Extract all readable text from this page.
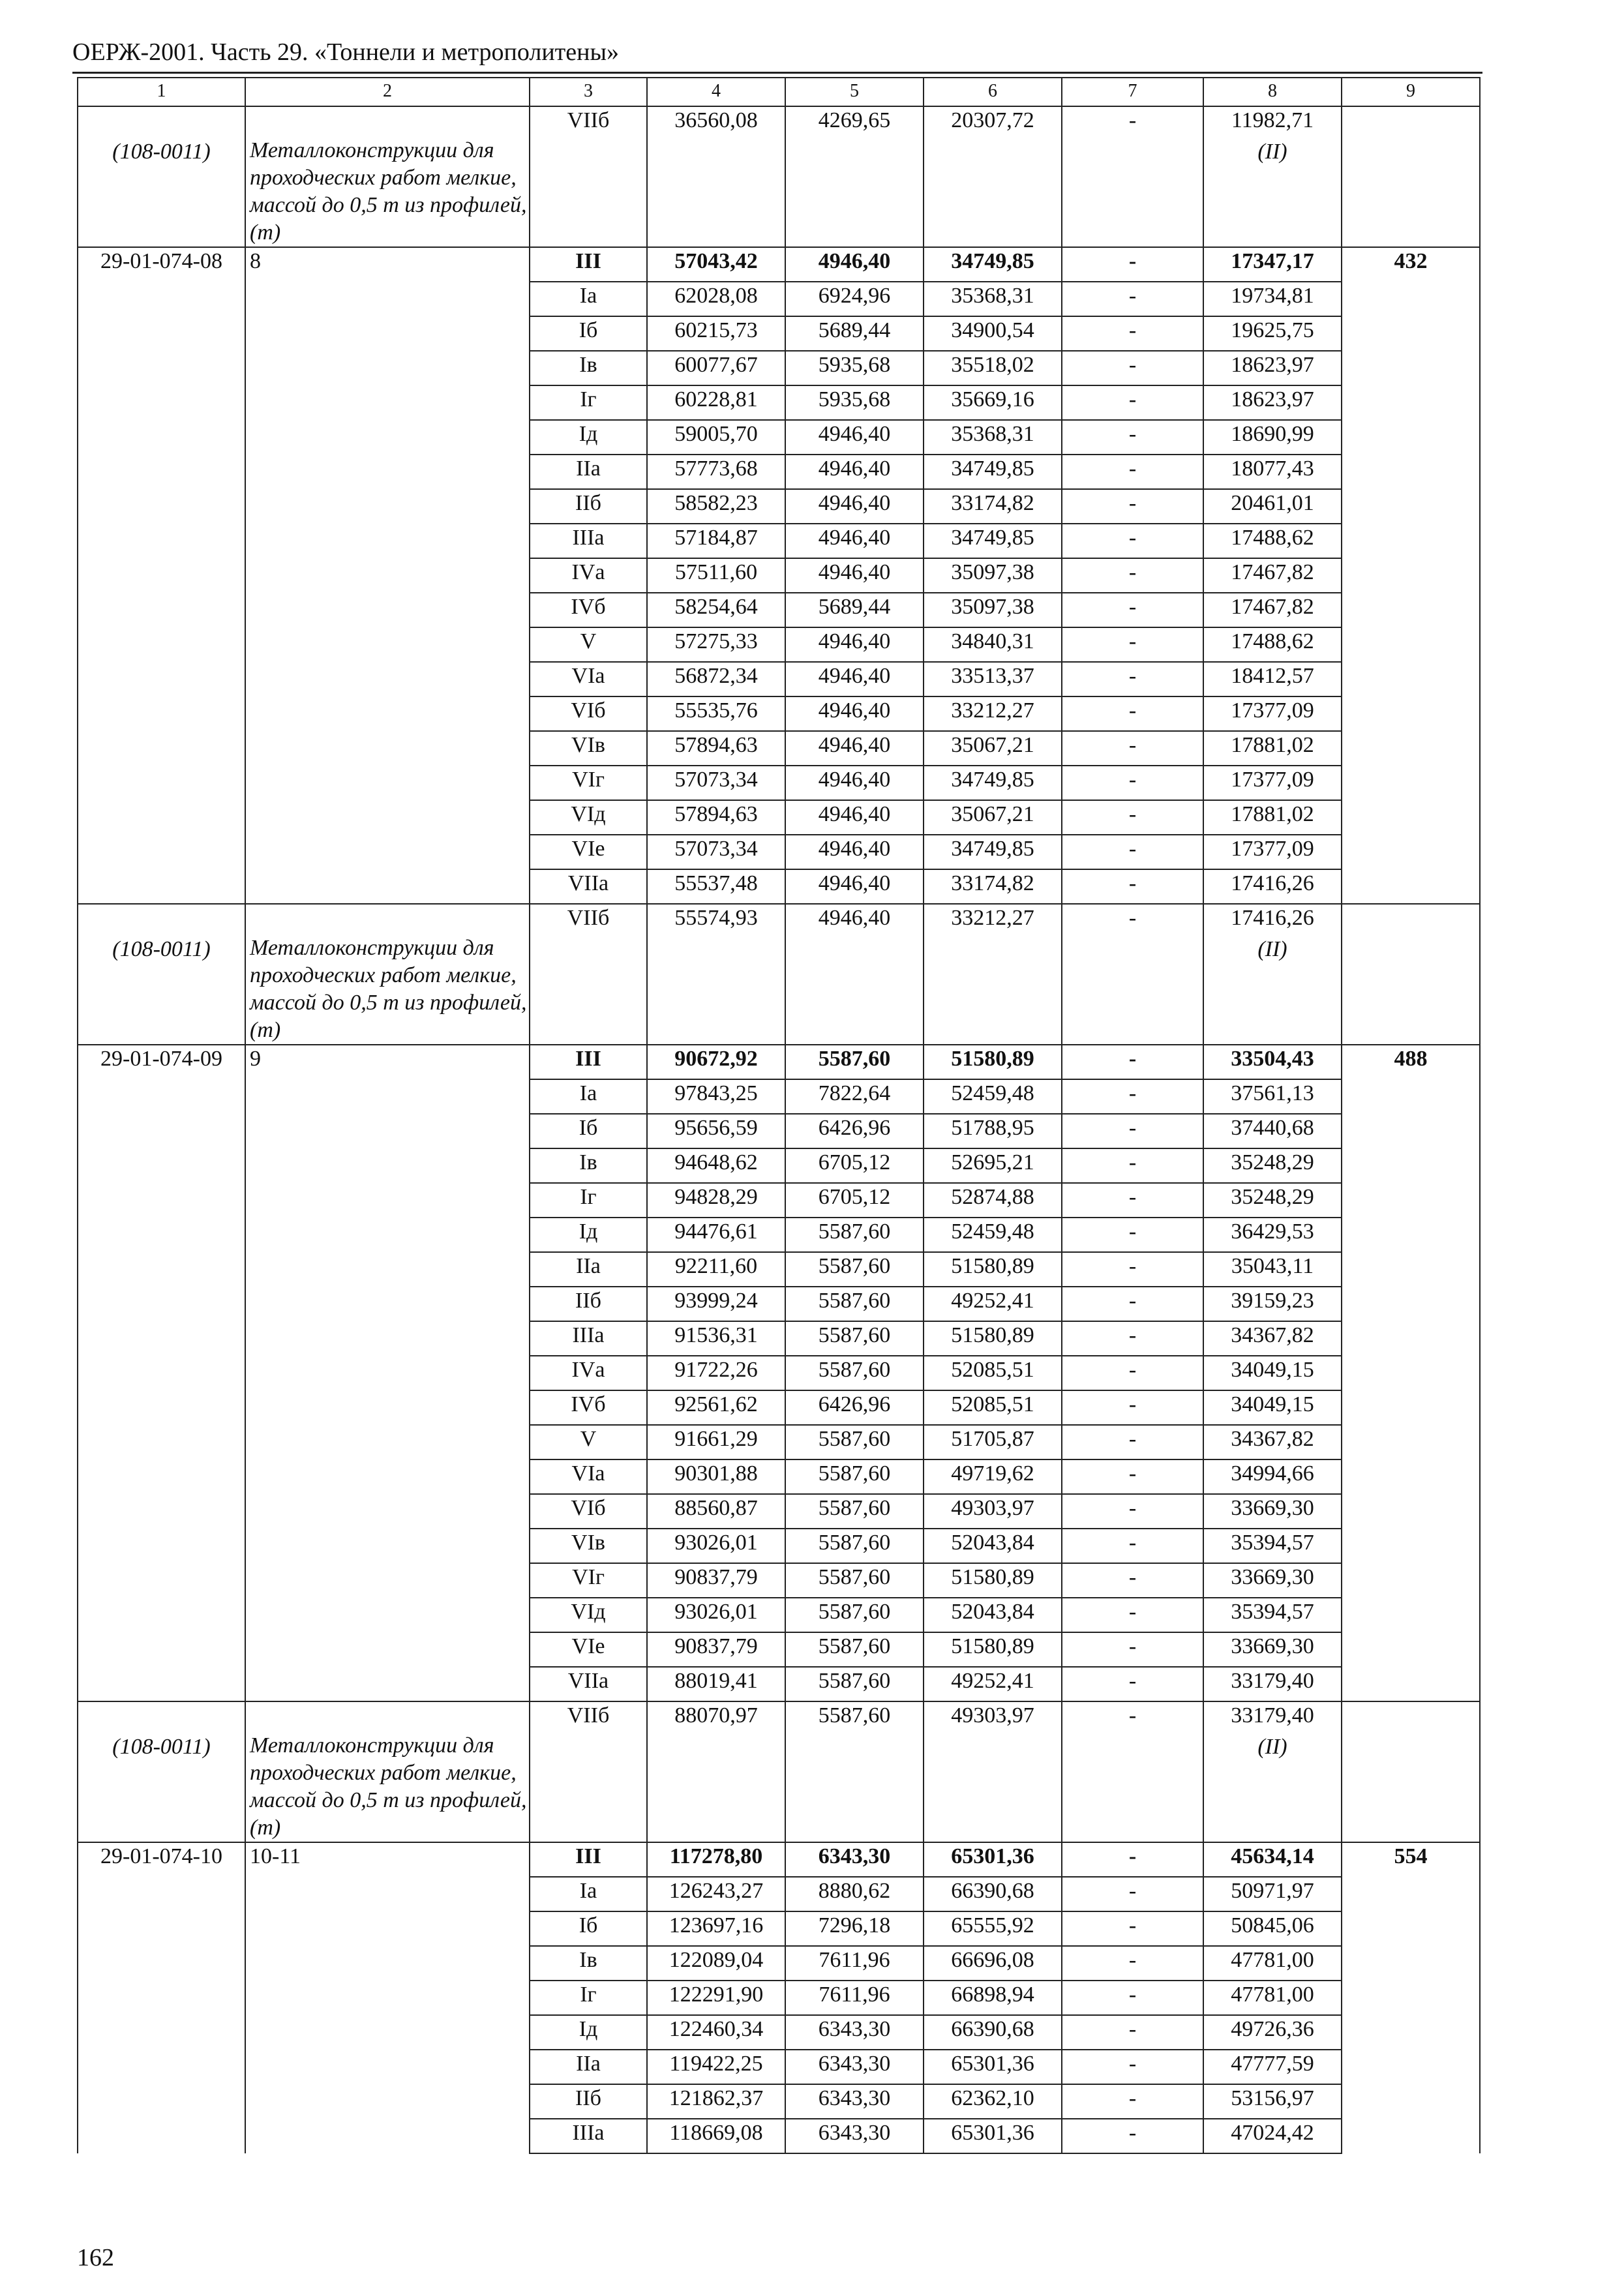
ОЕРЖ-2001. Часть 29. «Тоннели и метрополитены»
1	2	3	4	5	6	7	8	9

(108-0011)	Металлоконструкции для проходческих работ мелкие, массой до 0,5 т из профилей, (т)	VIIб	36560,08	4269,65	20307,72	-	11982,71
(II)	

29-01-074-08	8	III	57043,42	4946,40	34749,85	-	17347,17	432
		Iа	62028,08	6924,96	35368,31	-	19734,81	
		Iб	60215,73	5689,44	34900,54	-	19625,75	
		Iв	60077,67	5935,68	35518,02	-	18623,97	
		Iг	60228,81	5935,68	35669,16	-	18623,97	
		Iд	59005,70	4946,40	35368,31	-	18690,99	
		IIа	57773,68	4946,40	34749,85	-	18077,43	
		IIб	58582,23	4946,40	33174,82	-	20461,01	
		IIIа	57184,87	4946,40	34749,85	-	17488,62	
		IVа	57511,60	4946,40	35097,38	-	17467,82	
		IVб	58254,64	5689,44	35097,38	-	17467,82	
		V	57275,33	4946,40	34840,31	-	17488,62	
		VIа	56872,34	4946,40	33513,37	-	18412,57	
		VIб	55535,76	4946,40	33212,27	-	17377,09	
		VIв	57894,63	4946,40	35067,21	-	17881,02	
		VIг	57073,34	4946,40	34749,85	-	17377,09	
		VIд	57894,63	4946,40	35067,21	-	17881,02	
		VIе	57073,34	4946,40	34749,85	-	17377,09	
		VIIа	55537,48	4946,40	33174,82	-	17416,26	

(108-0011)	Металлоконструкции для проходческих работ мелкие, массой до 0,5 т из профилей, (т)	VIIб	55574,93	4946,40	33212,27	-	17416,26
(II)	

29-01-074-09	9	III	90672,92	5587,60	51580,89	-	33504,43	488
		Iа	97843,25	7822,64	52459,48	-	37561,13	
		Iб	95656,59	6426,96	51788,95	-	37440,68	
		Iв	94648,62	6705,12	52695,21	-	35248,29	
		Iг	94828,29	6705,12	52874,88	-	35248,29	
		Iд	94476,61	5587,60	52459,48	-	36429,53	
		IIа	92211,60	5587,60	51580,89	-	35043,11	
		IIб	93999,24	5587,60	49252,41	-	39159,23	
		IIIа	91536,31	5587,60	51580,89	-	34367,82	
		IVа	91722,26	5587,60	52085,51	-	34049,15	
		IVб	92561,62	6426,96	52085,51	-	34049,15	
		V	91661,29	5587,60	51705,87	-	34367,82	
		VIа	90301,88	5587,60	49719,62	-	34994,66	
		VIб	88560,87	5587,60	49303,97	-	33669,30	
		VIв	93026,01	5587,60	52043,84	-	35394,57	
		VIг	90837,79	5587,60	51580,89	-	33669,30	
		VIд	93026,01	5587,60	52043,84	-	35394,57	
		VIе	90837,79	5587,60	51580,89	-	33669,30	
		VIIа	88019,41	5587,60	49252,41	-	33179,40	

(108-0011)	Металлоконструкции для проходческих работ мелкие, массой до 0,5 т из профилей, (т)	VIIб	88070,97	5587,60	49303,97	-	33179,40
(II)	

29-01-074-10	10-11	III	117278,80	6343,30	65301,36	-	45634,14	554
		Iа	126243,27	8880,62	66390,68	-	50971,97	
		Iб	123697,16	7296,18	65555,92	-	50845,06	
		Iв	122089,04	7611,96	66696,08	-	47781,00	
		Iг	122291,90	7611,96	66898,94	-	47781,00	
		Iд	122460,34	6343,30	66390,68	-	49726,36	
		IIа	119422,25	6343,30	65301,36	-	47777,59	
		IIб	121862,37	6343,30	62362,10	-	53156,97	
		IIIа	118669,08	6343,30	65301,36	-	47024,42	
162
